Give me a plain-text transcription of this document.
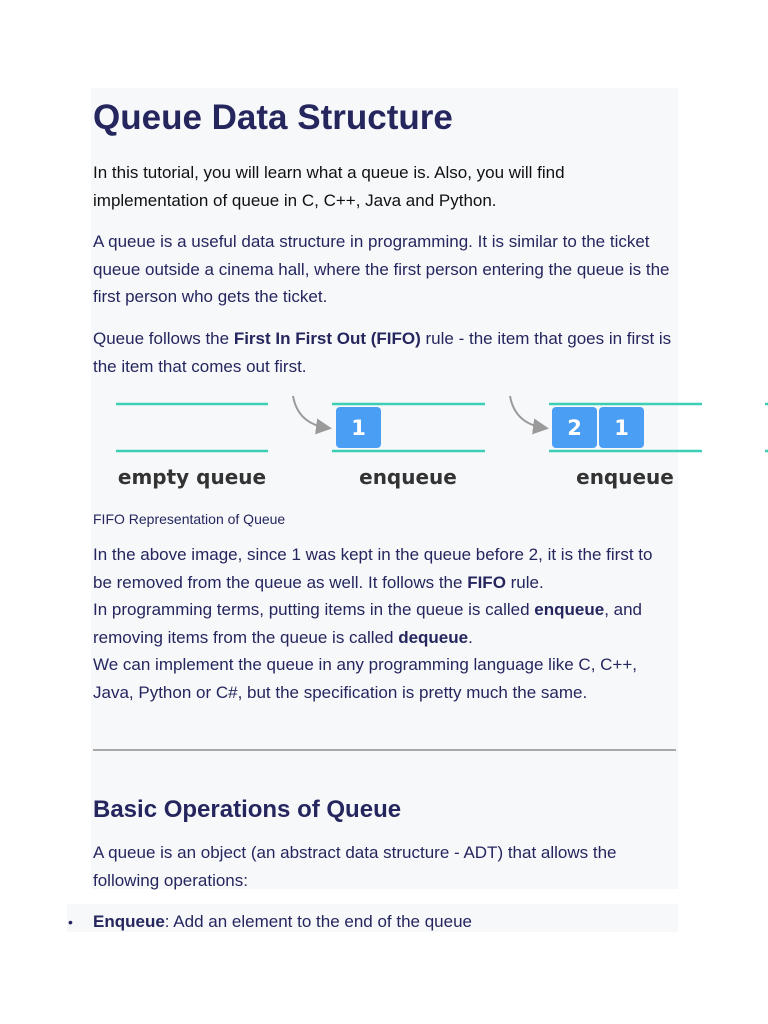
Queue Data Structure

In this tutorial, you will learn what a queue is. Also, you will find implementation of queue in C, C++, Java and Python.

A queue is a useful data structure in programming. It is similar to the ticket queue outside a cinema hall, where the first person entering the queue is the first person who gets the ticket.

Queue follows the First In First Out (FIFO) rule - the item that goes in first is the item that comes out first.

FIFO Representation of Queue

In the above image, since 1 was kept in the queue before 2, it is the first to be removed from the queue as well. It follows the FIFO rule.
In programming terms, putting items in the queue is called enqueue, and removing items from the queue is called dequeue.
We can implement the queue in any programming language like C, C++, Java, Python or C#, but the specification is pretty much the same.

Basic Operations of Queue

A queue is an object (an abstract data structure - ADT) that allows the following operations:

Enqueue: Add an element to the end of the queue

•
empty queue
1
enqueue
2 1
enqueue
